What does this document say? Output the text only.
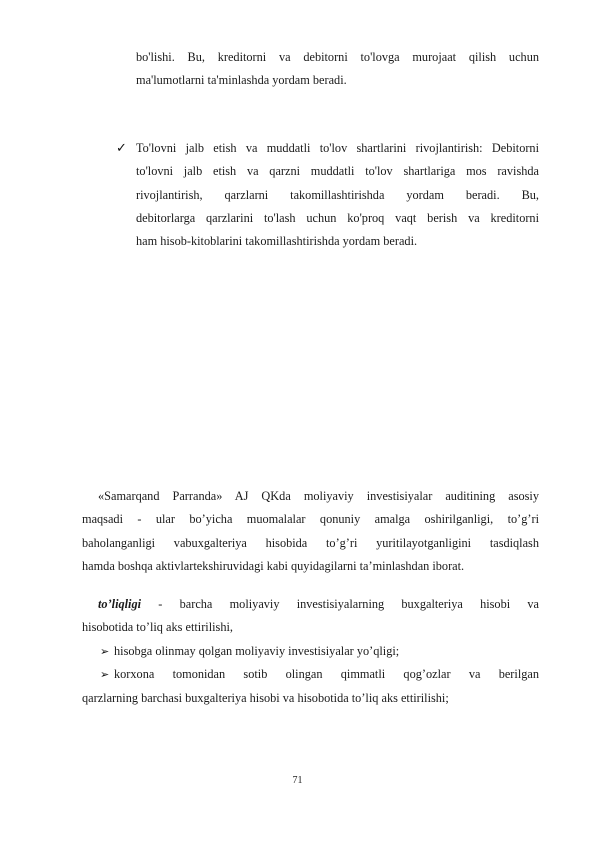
bo'lishi. Bu, kreditorni va debitorni to'lovga murojaat qilish uchun
ma'lumotlarni ta'minlashda yordam beradi.
✓ To'lovni jalb etish va muddatli to'lov shartlarini rivojlantirish: Debitorni
to'lovni jalb etish va qarzni muddatli to'lov shartlariga mos ravishda
rivojlantirish, qarzlarni takomillashtirishda yordam beradi. Bu,
debitorlarga qarzlarini to'lash uchun ko'proq vaqt berish va kreditorni
ham hisob-kitoblarini takomillashtirishda yordam beradi.
«Samarqand Parranda» AJ QKda moliyaviy investisiyalar auditining asosiy
maqsadi - ular bo’yicha muomalalar qonuniy amalga oshirilganligi, to’g’ri
baholanganligi vabuxgalteriya hisobida to’g’ri yuritilayotganligini tasdiqlash
hamda boshqa aktivlartekshiruvidagi kabi quyidagilarni ta’minlashdan iborat.
to’liqligi - barcha moliyaviy investisiyalarning buxgalteriya hisobi va
hisobotida to’liq aks ettirilishi,
➢ hisobga olinmay qolgan moliyaviy investisiyalar yo’qligi;
➢ korxona tomonidan sotib olingan qimmatli qog’ozlar va berilgan
qarzlarning barchasi buxgalteriya hisobi va hisobotida to’liq aks ettirilishi;
71
